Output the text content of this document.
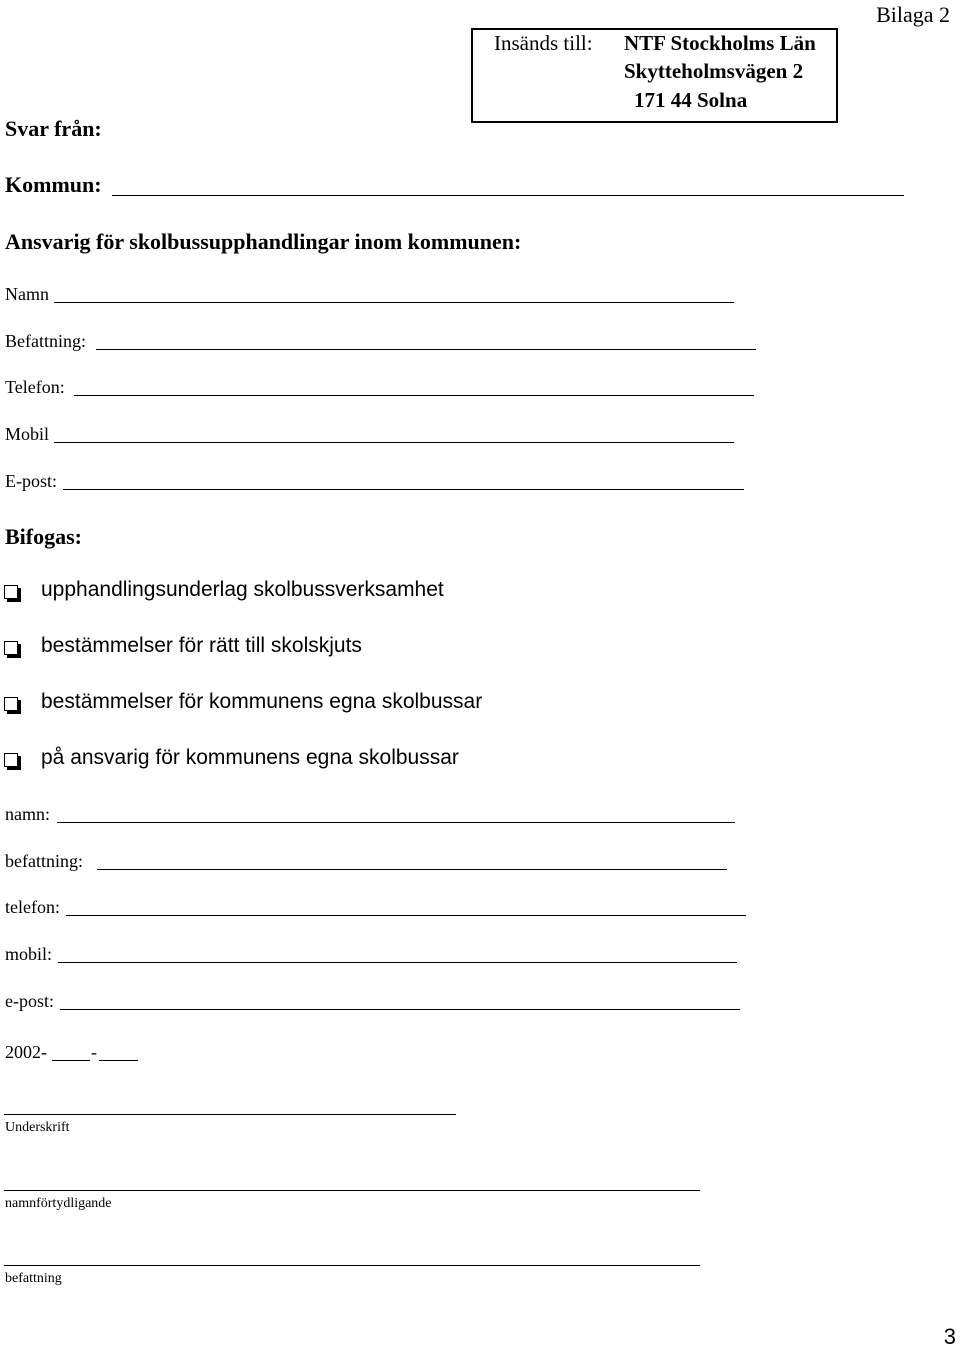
Bilaga 2
Insänds till: NTF Stockholms Län
Skytteholmsvägen 2
171 44 Solna
Svar från:
Kommun:
Ansvarig för skolbussupphandlingar inom kommunen:
Namn
Befattning:
Telefon:
Mobil
E-post:
Bifogas:
upphandlingsunderlag skolbussverksamhet
bestämmelser för rätt till skolskjuts
bestämmelser för kommunens egna skolbussar
på ansvarig för kommunens egna skolbussar
namn:
befattning:
telefon:
mobil:
e-post:
2002- -
Underskrift
namnförtydligande
befattning
3
